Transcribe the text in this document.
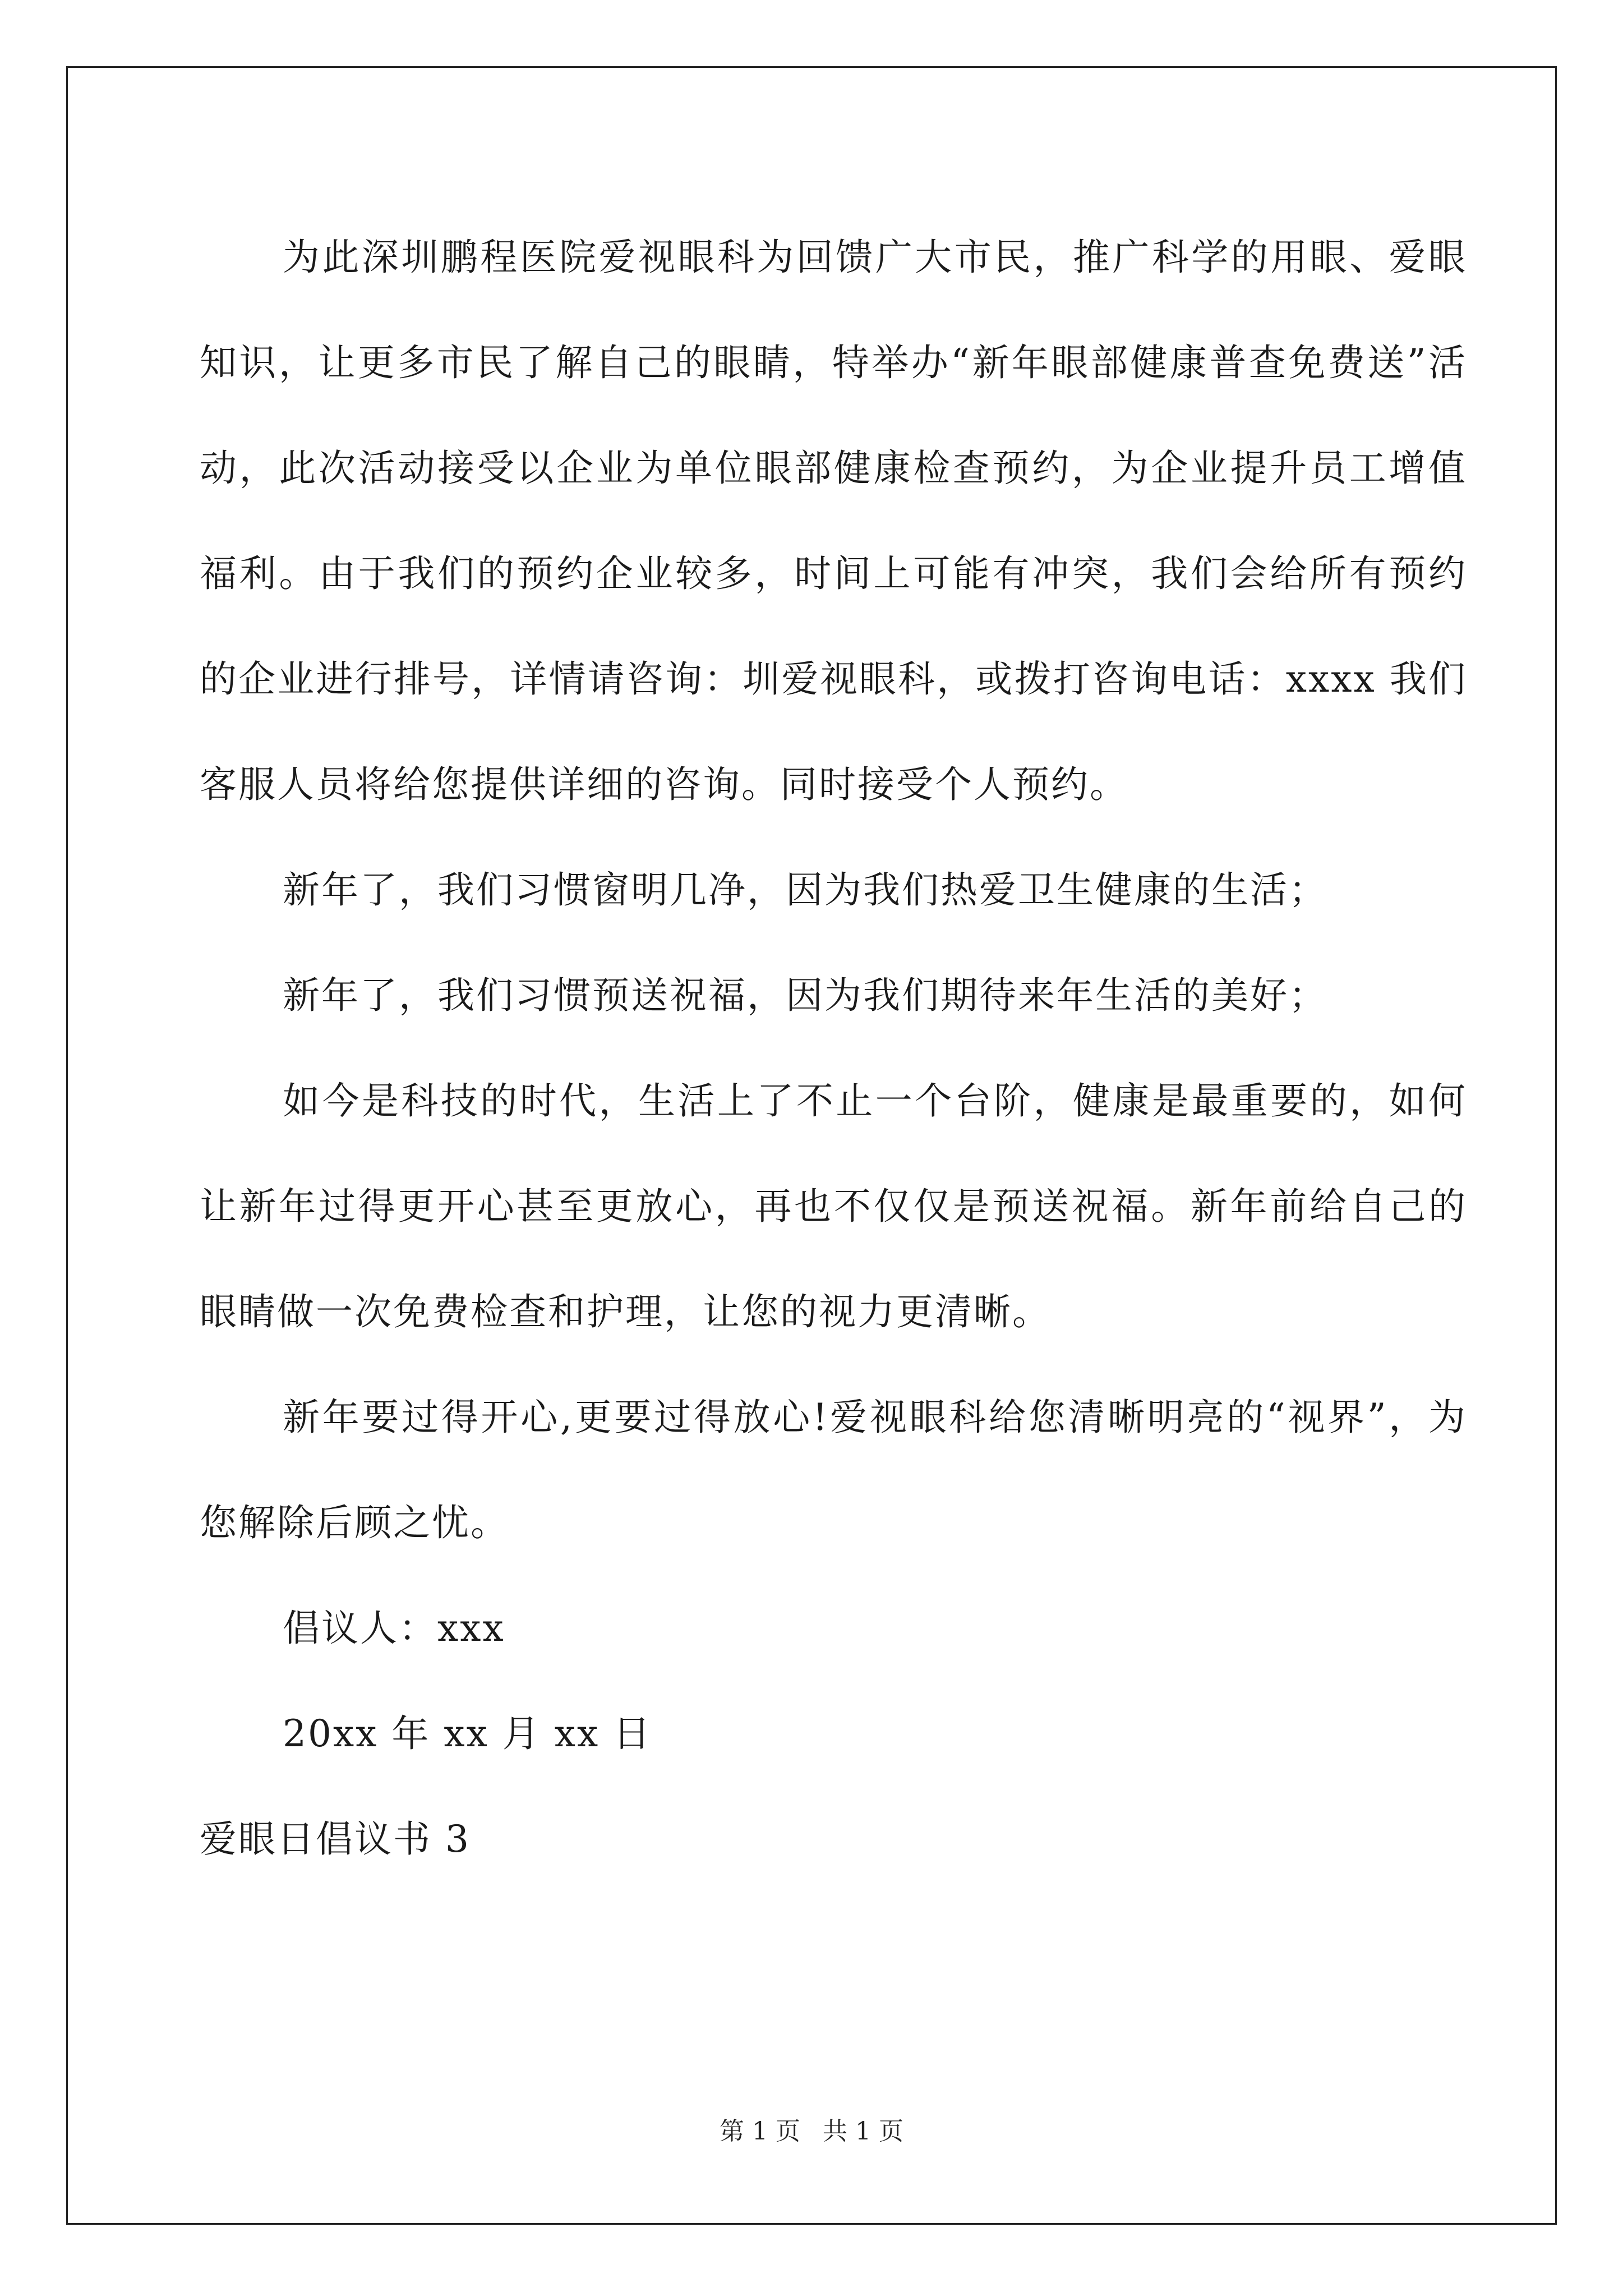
为此深圳鹏程医院爱视眼科为回馈广大市民，推广科学的用眼、爱眼知识，让更多市民了解自己的眼睛，特举办“新年眼部健康普查免费送”活动，此次活动接受以企业为单位眼部健康检查预约，为企业提升员工增值福利。由于我们的预约企业较多，时间上可能有冲突，我们会给所有预约的企业进行排号，详情请咨询：圳爱视眼科，或拨打咨询电话：xxxx 我们客服人员将给您提供详细的咨询。同时接受个人预约。

新年了，我们习惯窗明几净，因为我们热爱卫生健康的生活；

新年了，我们习惯预送祝福，因为我们期待来年生活的美好；

如今是科技的时代，生活上了不止一个台阶，健康是最重要的，如何让新年过得更开心甚至更放心，再也不仅仅是预送祝福。新年前给自己的眼睛做一次免费检查和护理，让您的视力更清晰。

新年要过得开心,更要过得放心!爱视眼科给您清晰明亮的“视界”，为您解除后顾之忧。

倡议人：xxx

20xx 年 xx 月 xx 日

爱眼日倡议书 3

第 1 页 共 1 页
